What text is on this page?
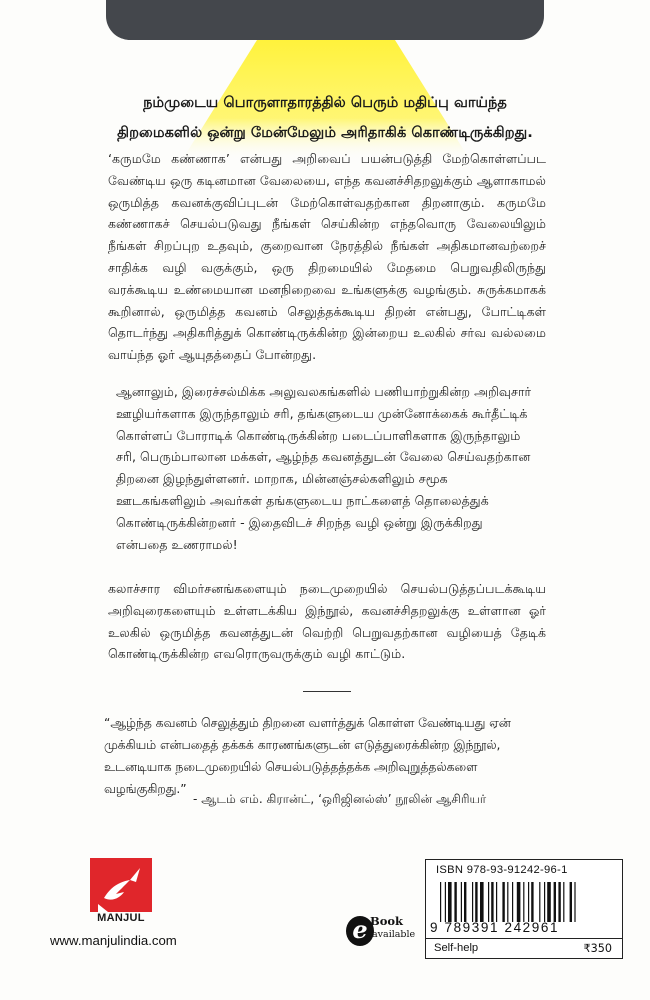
நம்முடைய பொருளாதாரத்தில் பெரும் மதிப்பு வாய்ந்த
திறமைகளில் ஒன்று மேன்மேலும் அரிதாகிக் கொண்டிருக்கிறது.
‘கருமமே கண்ணாக’ என்பது அறிவைப் பயன்படுத்தி மேற்கொள்ளப்பட வேண்டிய ஒரு கடினமான வேலையை, எந்த கவனச்சிதறலுக்கும் ஆளாகாமல் ஒருமித்த கவனக்குவிப்புடன் மேற்கொள்வதற்கான திறனாகும். கருமமே கண்ணாகச் செயல்படுவது நீங்கள் செய்கின்ற எந்தவொரு வேலையிலும் நீங்கள் சிறப்புற உதவும், குறைவான நேரத்தில் நீங்கள் அதிகமானவற்றைச் சாதிக்க வழி வகுக்கும், ஒரு திறமையில் மேதமை பெறுவதிலிருந்து வரக்கூடிய உண்மையான மனநிறைவை உங்களுக்கு வழங்கும். சுருக்கமாகக் கூறினால், ஒருமித்த கவனம் செலுத்தக்கூடிய திறன் என்பது, போட்டிகள் தொடர்ந்து அதிகரித்துக் கொண்டிருக்கின்ற இன்றைய உலகில் சர்வ வல்லமை வாய்ந்த ஓர் ஆயுதத்தைப் போன்றது.
ஆனாலும், இரைச்சல்மிக்க அலுவலகங்களில் பணியாற்றுகின்ற அறிவுசார் ஊழியர்களாக இருந்தாலும் சரி, தங்களுடைய முன்னோக்கைக் கூர்தீட்டிக் கொள்ளப் போராடிக் கொண்டிருக்கின்ற படைப்பாளிகளாக இருந்தாலும் சரி, பெரும்பாலான மக்கள், ஆழ்ந்த கவனத்துடன் வேலை செய்வதற்கான திறனை இழந்துள்ளனர். மாறாக, மின்னஞ்சல்களிலும் சமூக ஊடகங்களிலும் அவர்கள் தங்களுடைய நாட்களைத் தொலைத்துக் கொண்டிருக்கின்றனர் - இதைவிடச் சிறந்த வழி ஒன்று இருக்கிறது என்பதை உணராமல்!
கலாச்சார விமர்சனங்களையும் நடைமுறையில் செயல்படுத்தப்படக்கூடிய அறிவுரைகளையும் உள்ளடக்கிய இந்நூல், கவனச்சிதறலுக்கு உள்ளான ஓர் உலகில் ஒருமித்த கவனத்துடன் வெற்றி பெறுவதற்கான வழியைத் தேடிக் கொண்டிருக்கின்ற எவரொருவருக்கும் வழி காட்டும்.
“ஆழ்ந்த கவனம் செலுத்தும் திறனை வளர்த்துக் கொள்ள வேண்டியது ஏன் முக்கியம் என்பதைத் தக்கக் காரணங்களுடன் எடுத்துரைக்கின்ற இந்நூல், உடனடியாக நடைமுறையில் செயல்படுத்தத்தக்க அறிவுறுத்தல்களை வழங்குகிறது.”
- ஆடம் எம். கிரான்ட், ‘ஒரிஜினல்ஸ்’ நூலின் ஆசிரியர்
MANJUL
www.manjulindia.com	e Book
available
ISBN 978-93-91242-96-1
9 789391 242961
Self-help	₹350
